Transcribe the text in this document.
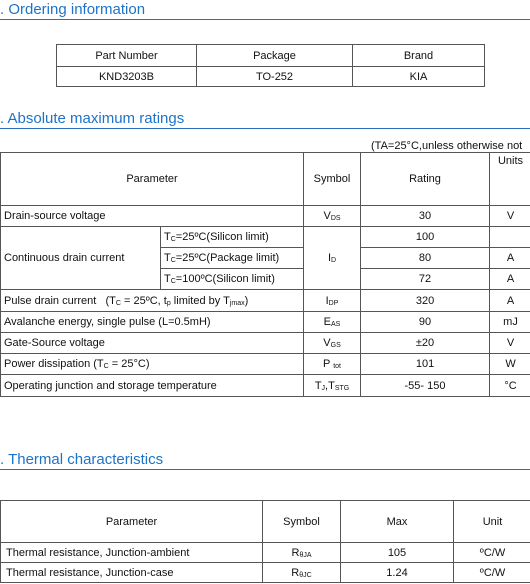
. Ordering information
Part Number	Package	Brand
KND3203B	TO-252	KIA
. Absolute maximum ratings
(TA=25°C,unless otherwise not
Parameter		Symbol	Rating	Units
Drain-source voltage		$V_{DS}$	30	V
Continuous drain current	$T_C=25ºC(Silicon$ limit)	$I_D$	100	
	$T_C=25ºC(Package$ limit)		80	A
	$T_C=100ºC(Silicon$ limit)		72	A
Pulse drain current   ($T_C$ = 25ºC, $t_p$ limited by $T_{jmax}$)		$I_{DP}$	320	A
Avalanche energy, single pulse (L=0.5mH)		$E_{AS}$	90	mJ
Gate-Source voltage		$V_{GS}$	±20	V
Power dissipation $(T_C = 25^\circ C)$		P $_{tot}$	101	W
Operating junction and storage temperature		$T_J,T_{STG}$	-55- 150	°C
. Thermal characteristics
Parameter	Symbol	Max	Unit
Thermal resistance, Junction-ambient	$R_{\theta JA}$	105	ºC/W
Thermal resistance, Junction-case	$R_{\theta JC}$	1.24	ºC/W
